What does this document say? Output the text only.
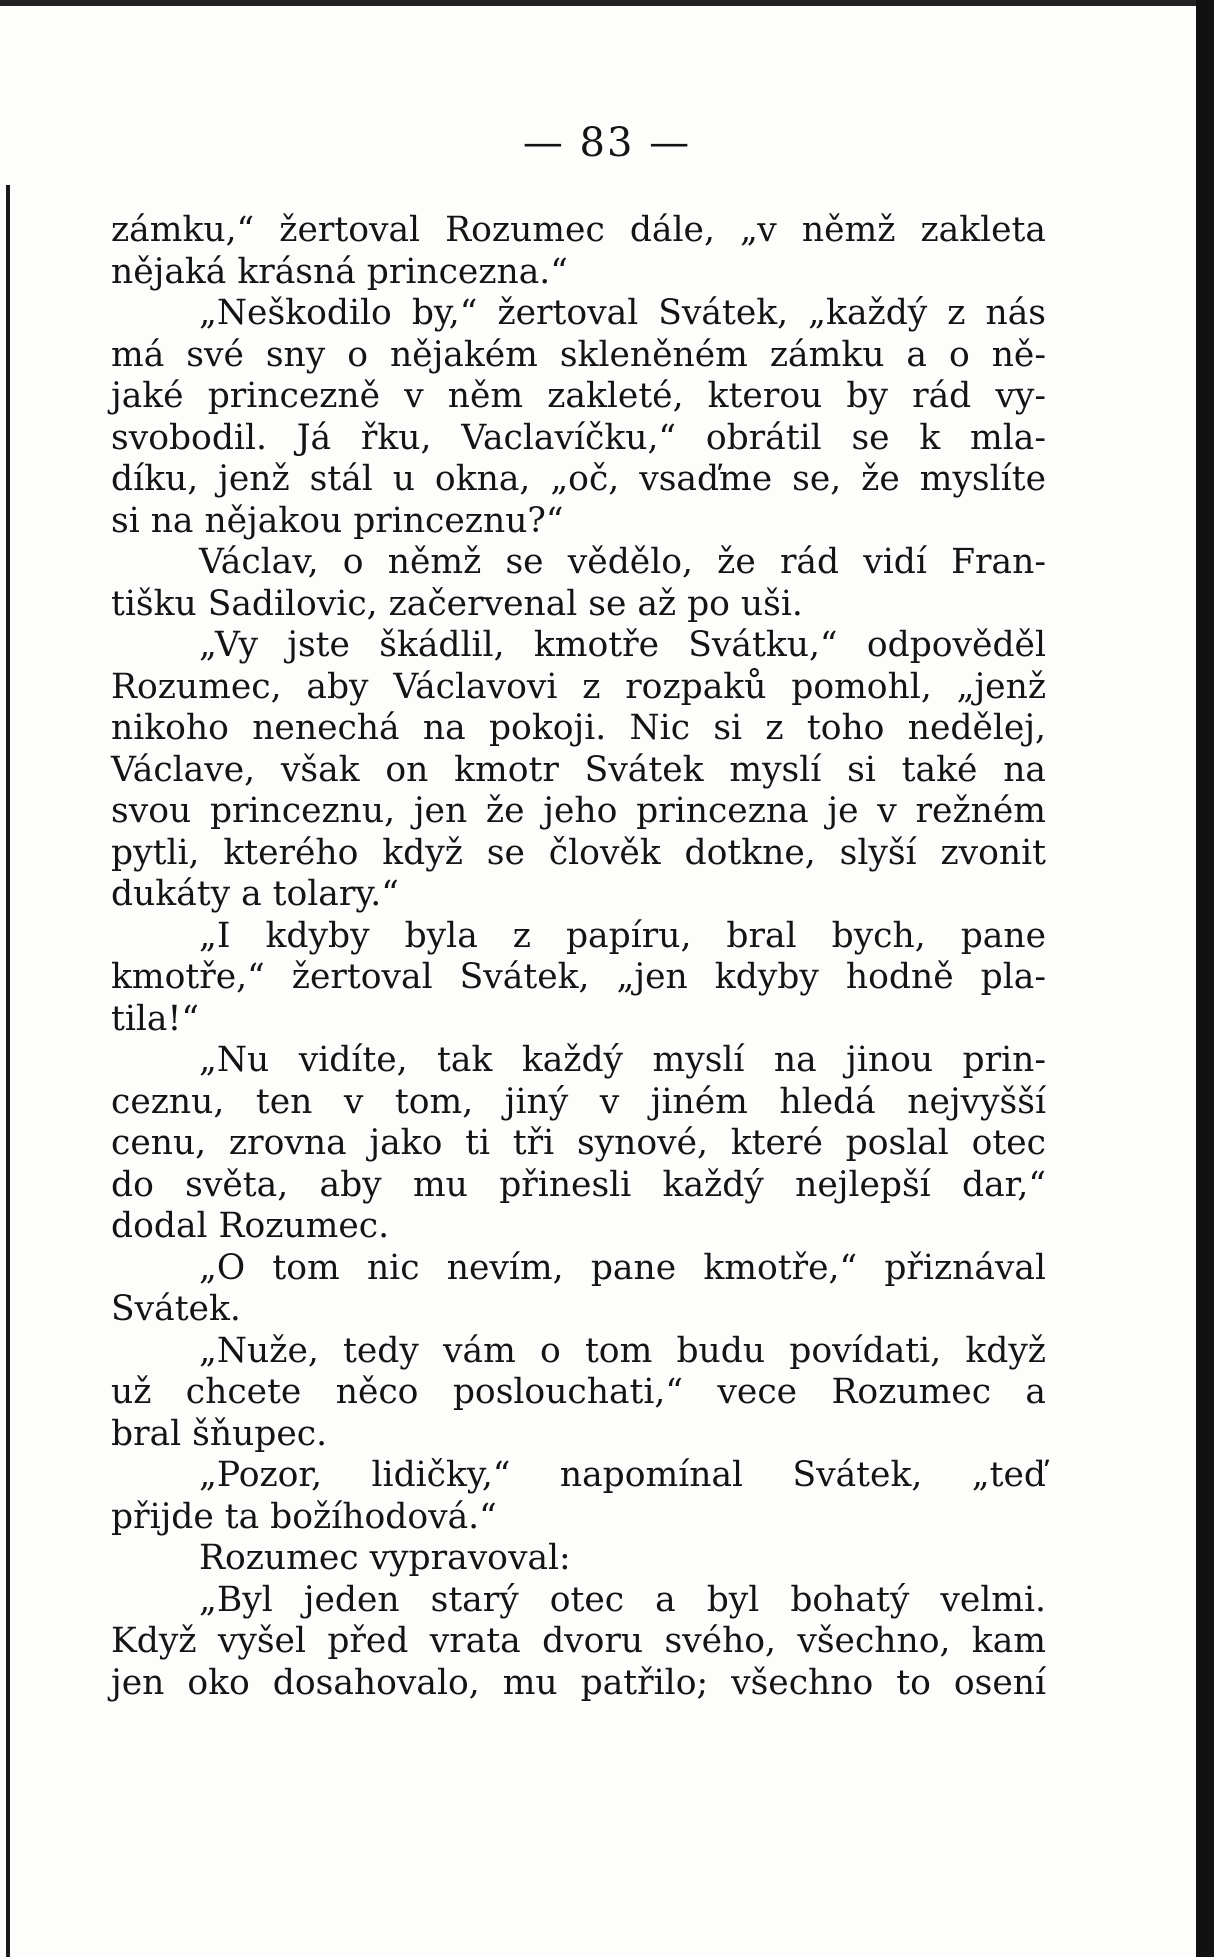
— 83 —
zámku,“ žertoval Rozumec dále, „v němž zakleta
nějaká krásná princezna.“
„Neškodilo by,“ žertoval Svátek, „každý z nás
má své sny o nějakém skleněném zámku a o ně-
jaké princezně v něm zakleté, kterou by rád vy-
svobodil. Já řku, Vaclavíčku,“ obrátil se k mla-
díku, jenž stál u okna, „oč, vsaďme se, že myslíte
si na nějakou princeznu?“
Václav, o němž se vědělo, že rád vidí Fran-
tišku Sadilovic, začervenal se až po uši.
„Vy jste škádlil, kmotře Svátku,“ odpověděl
Rozumec, aby Václavovi z rozpaků pomohl, „jenž
nikoho nenechá na pokoji. Nic si z toho nedělej,
Václave, však on kmotr Svátek myslí si také na
svou princeznu, jen že jeho princezna je v režném
pytli, kterého když se člověk dotkne, slyší zvonit
dukáty a tolary.“
„I kdyby byla z papíru, bral bych, pane
kmotře,“ žertoval Svátek, „jen kdyby hodně pla-
tila!“
„Nu vidíte, tak každý myslí na jinou prin-
ceznu, ten v tom, jiný v jiném hledá nejvyšší
cenu, zrovna jako ti tři synové, které poslal otec
do světa, aby mu přinesli každý nejlepší dar,“
dodal Rozumec.
„O tom nic nevím, pane kmotře,“ přiznával
Svátek.
„Nuže, tedy vám o tom budu povídati, když
už chcete něco poslouchati,“ vece Rozumec a
bral šňupec.
„Pozor, lidičky,“ napomínal Svátek, „teď
přijde ta božíhodová.“
Rozumec vypravoval:
„Byl jeden starý otec a byl bohatý velmi.
Když vyšel před vrata dvoru svého, všechno, kam
jen oko dosahovalo, mu patřilo; všechno to osení
